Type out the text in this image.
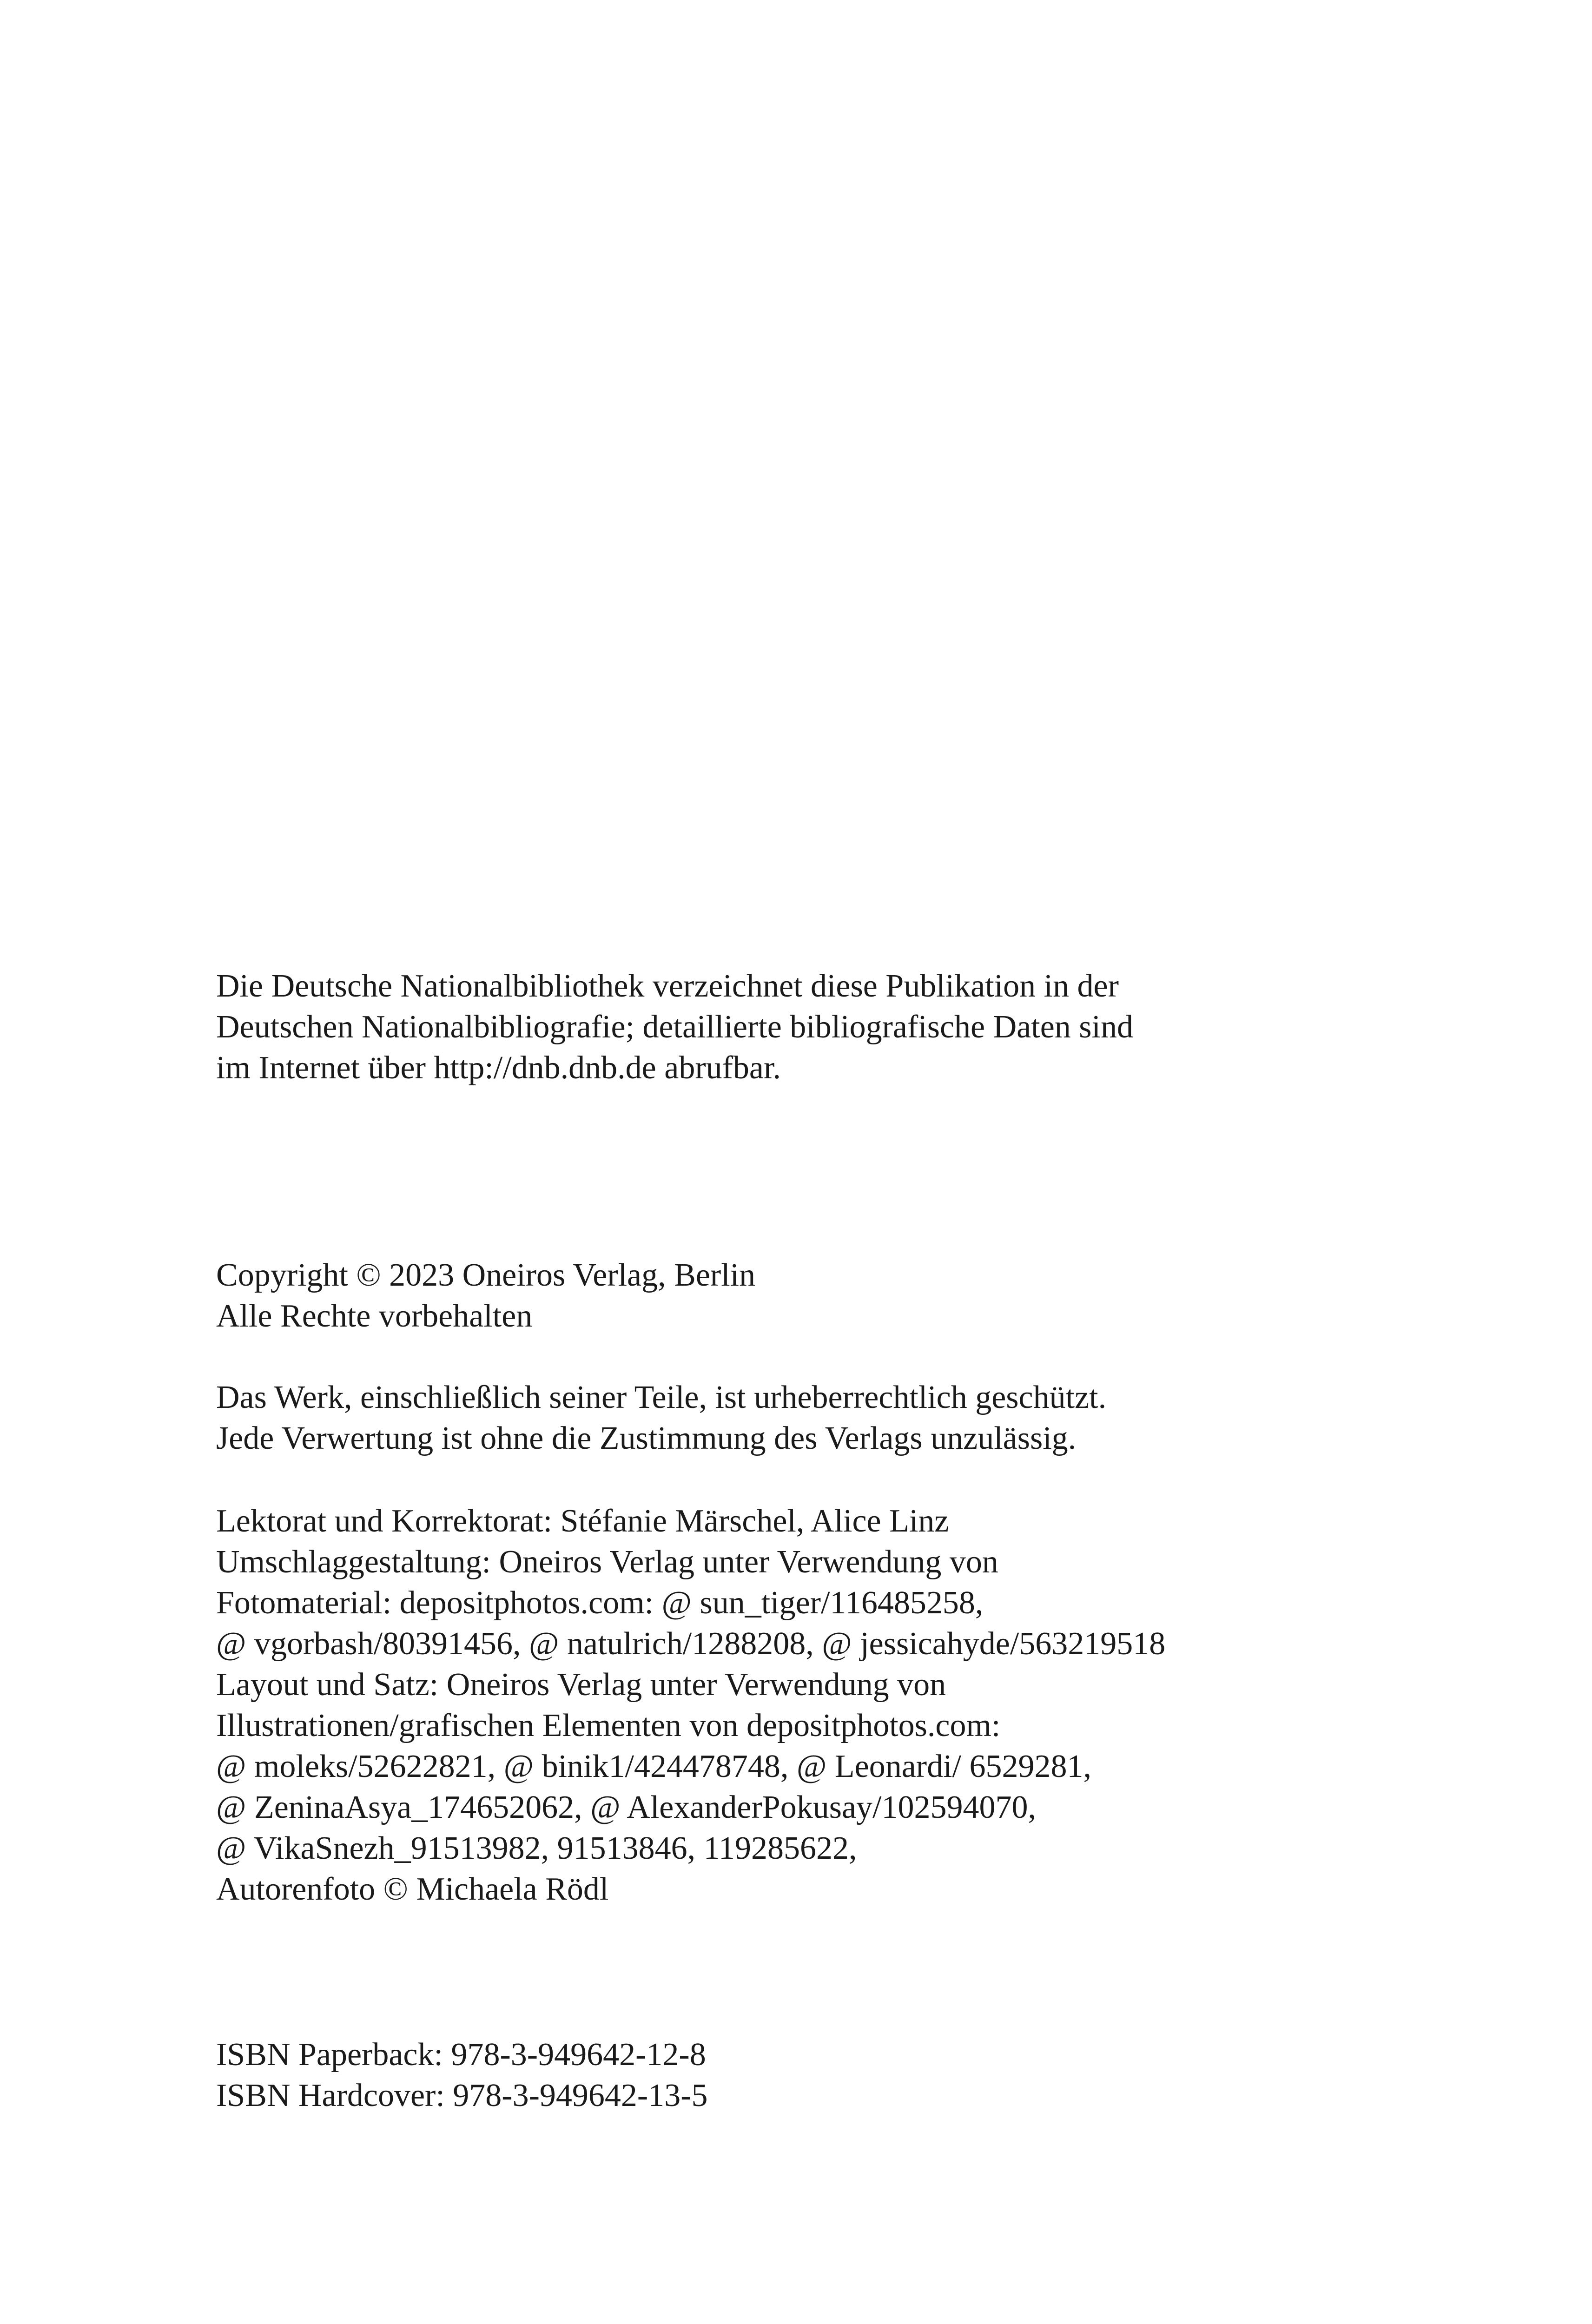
Die Deutsche Nationalbibliothek verzeichnet diese Publikation in der
Deutschen Nationalbibliografie; detaillierte bibliografische Daten sind
im Internet über http://dnb.dnb.de abrufbar.
Copyright © 2023 Oneiros Verlag, Berlin
Alle Rechte vorbehalten
Das Werk, einschließlich seiner Teile, ist urheberrechtlich geschützt.
Jede Verwertung ist ohne die Zustimmung des Verlags unzulässig.
Lektorat und Korrektorat: Stéfanie Märschel, Alice Linz
Umschlaggestaltung: Oneiros Verlag unter Verwendung von
Fotomaterial: depositphotos.com: @ sun_tiger/116485258,
@ vgorbash/80391456, @ natulrich/1288208, @ jessicahyde/563219518
Layout und Satz: Oneiros Verlag unter Verwendung von
Illustrationen/grafischen Elementen von depositphotos.com:
@ moleks/52622821, @ binik1/424478748, @ Leonardi/ 6529281,
@ ZeninaAsya_174652062, @ AlexanderPokusay/102594070,
@ VikaSnezh_91513982, 91513846, 119285622,
Autorenfoto © Michaela Rödl
ISBN Paperback: 978-3-949642-12-8
ISBN Hardcover: 978-3-949642-13-5
